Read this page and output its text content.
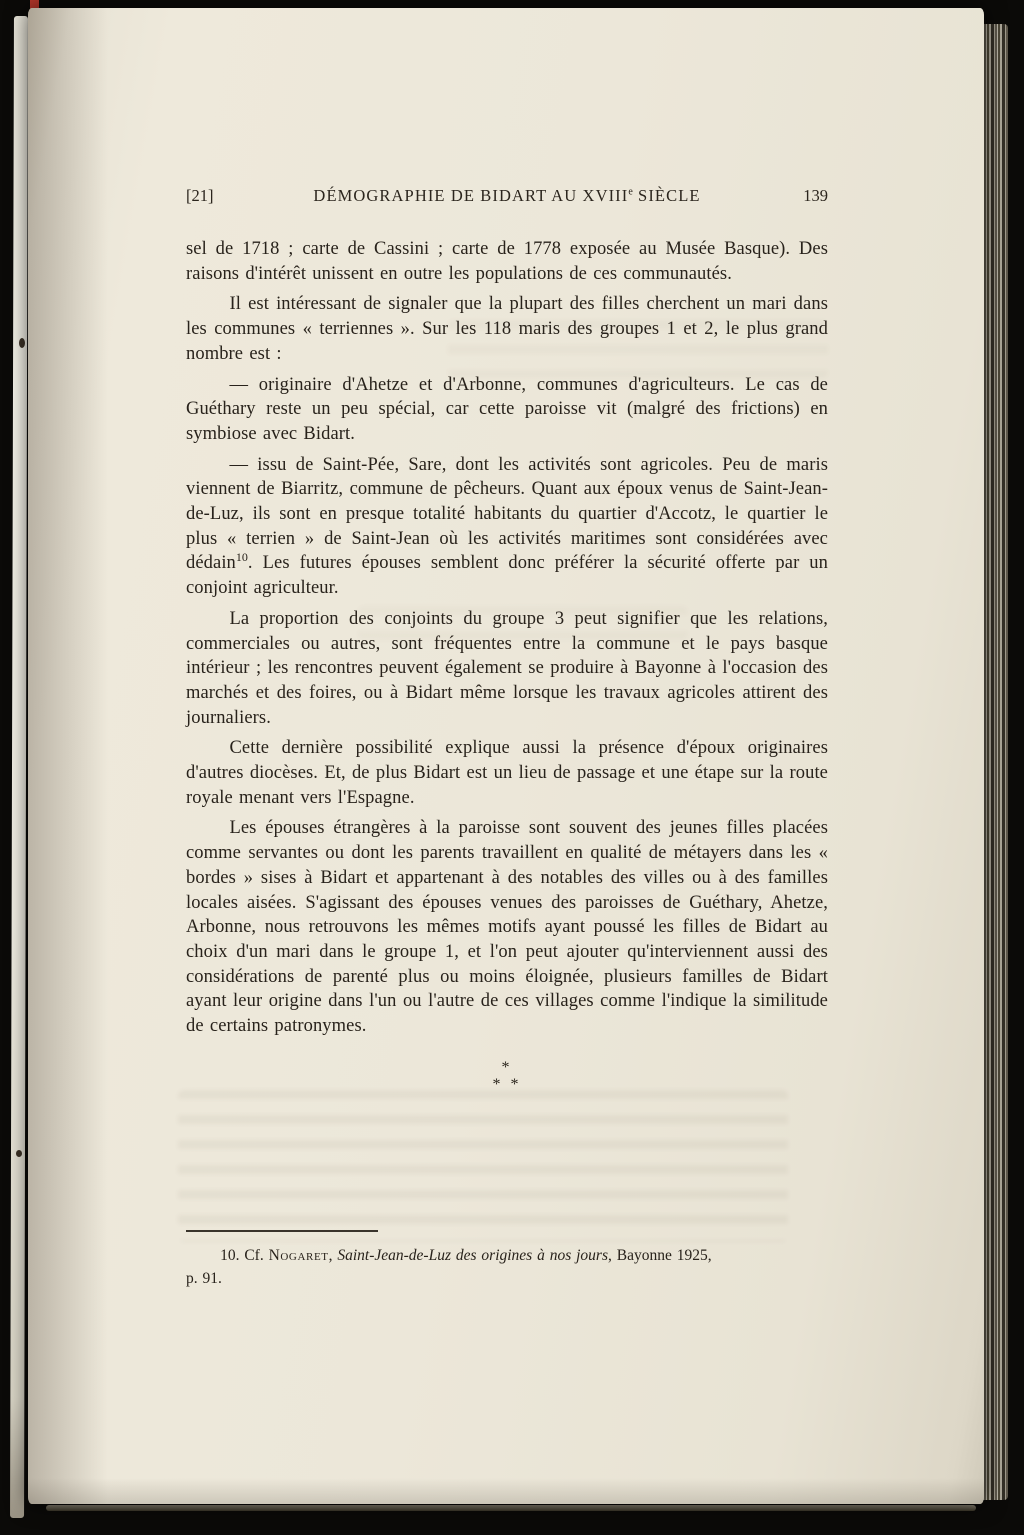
[21]	DÉMOGRAPHIE DE BIDART AU XVIIIe SIÈCLE	139

sel de 1718 ; carte de Cassini ; carte de 1778 exposée au Musée Basque). Des raisons d'intérêt unissent en outre les populations de ces communautés.

Il est intéressant de signaler que la plupart des filles cherchent un mari dans les communes « terriennes ». Sur les 118 maris des groupes 1 et 2, le plus grand nombre est :

— originaire d'Ahetze et d'Arbonne, communes d'agriculteurs. Le cas de Guéthary reste un peu spécial, car cette paroisse vit (malgré des frictions) en symbiose avec Bidart.

— issu de Saint-Pée, Sare, dont les activités sont agricoles. Peu de maris viennent de Biarritz, commune de pêcheurs. Quant aux époux venus de Saint-Jean-de-Luz, ils sont en presque totalité habitants du quartier d'Accotz, le quartier le plus « terrien » de Saint-Jean où les activités maritimes sont considérées avec dédain$^{10}$. Les futures épouses semblent donc préférer la sécurité offerte par un conjoint agriculteur.

La proportion des conjoints du groupe 3 peut signifier que les relations, commerciales ou autres, sont fréquentes entre la commune et le pays basque intérieur ; les rencontres peuvent également se produire à Bayonne à l'occasion des marchés et des foires, ou à Bidart même lorsque les travaux agricoles attirent des journaliers.

Cette dernière possibilité explique aussi la présence d'époux originaires d'autres diocèses. Et, de plus Bidart est un lieu de passage et une étape sur la route royale menant vers l'Espagne.

Les épouses étrangères à la paroisse sont souvent des jeunes filles placées comme servantes ou dont les parents travaillent en qualité de métayers dans les « bordes » sises à Bidart et appartenant à des notables des villes ou à des familles locales aisées. S'agissant des épouses venues des paroisses de Guéthary, Ahetze, Arbonne, nous retrouvons les mêmes motifs ayant poussé les filles de Bidart au choix d'un mari dans le groupe 1, et l'on peut ajouter qu'interviennent aussi des considérations de parenté plus ou moins éloignée, plusieurs familles de Bidart ayant leur origine dans l'un ou l'autre de ces villages comme l'indique la similitude de certains patronymes.

*
* *

10. Cf. Nogaret, Saint-Jean-de-Luz des origines à nos jours, Bayonne 1925,
p. 91.
